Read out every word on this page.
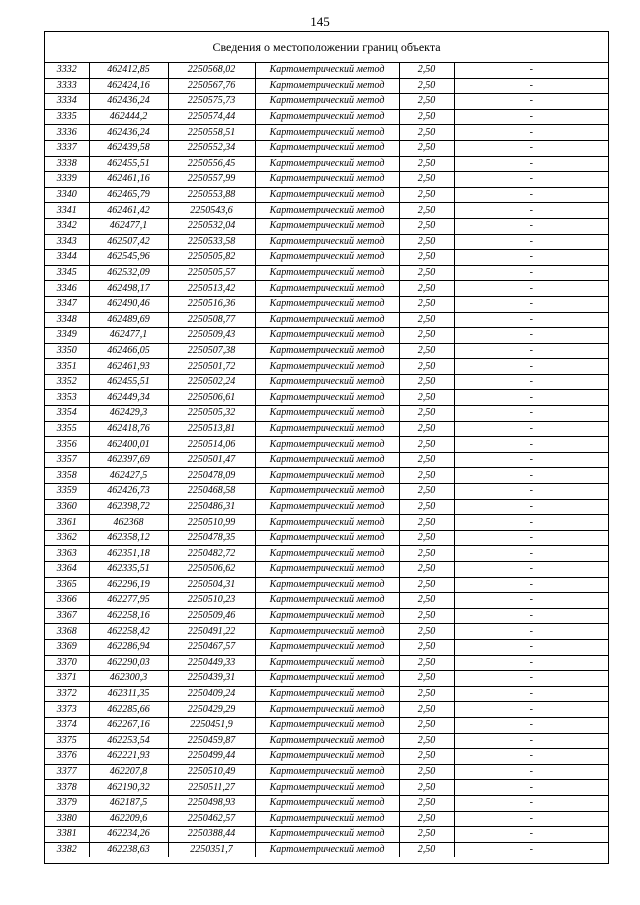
145
Сведения о местоположении границ объекта
3332	462412,85	2250568,02	Картометрический метод	2,50	-
3333	462424,16	2250567,76	Картометрический метод	2,50	-
3334	462436,24	2250575,73	Картометрический метод	2,50	-
3335	462444,2	2250574,44	Картометрический метод	2,50	-
3336	462436,24	2250558,51	Картометрический метод	2,50	-
3337	462439,58	2250552,34	Картометрический метод	2,50	-
3338	462455,51	2250556,45	Картометрический метод	2,50	-
3339	462461,16	2250557,99	Картометрический метод	2,50	-
3340	462465,79	2250553,88	Картометрический метод	2,50	-
3341	462461,42	2250543,6	Картометрический метод	2,50	-
3342	462477,1	2250532,04	Картометрический метод	2,50	-
3343	462507,42	2250533,58	Картометрический метод	2,50	-
3344	462545,96	2250505,82	Картометрический метод	2,50	-
3345	462532,09	2250505,57	Картометрический метод	2,50	-
3346	462498,17	2250513,42	Картометрический метод	2,50	-
3347	462490,46	2250516,36	Картометрический метод	2,50	-
3348	462489,69	2250508,77	Картометрический метод	2,50	-
3349	462477,1	2250509,43	Картометрический метод	2,50	-
3350	462466,05	2250507,38	Картометрический метод	2,50	-
3351	462461,93	2250501,72	Картометрический метод	2,50	-
3352	462455,51	2250502,24	Картометрический метод	2,50	-
3353	462449,34	2250506,61	Картометрический метод	2,50	-
3354	462429,3	2250505,32	Картометрический метод	2,50	-
3355	462418,76	2250513,81	Картометрический метод	2,50	-
3356	462400,01	2250514,06	Картометрический метод	2,50	-
3357	462397,69	2250501,47	Картометрический метод	2,50	-
3358	462427,5	2250478,09	Картометрический метод	2,50	-
3359	462426,73	2250468,58	Картометрический метод	2,50	-
3360	462398,72	2250486,31	Картометрический метод	2,50	-
3361	462368	2250510,99	Картометрический метод	2,50	-
3362	462358,12	2250478,35	Картометрический метод	2,50	-
3363	462351,18	2250482,72	Картометрический метод	2,50	-
3364	462335,51	2250506,62	Картометрический метод	2,50	-
3365	462296,19	2250504,31	Картометрический метод	2,50	-
3366	462277,95	2250510,23	Картометрический метод	2,50	-
3367	462258,16	2250509,46	Картометрический метод	2,50	-
3368	462258,42	2250491,22	Картометрический метод	2,50	-
3369	462286,94	2250467,57	Картометрический метод	2,50	-
3370	462290,03	2250449,33	Картометрический метод	2,50	-
3371	462300,3	2250439,31	Картометрический метод	2,50	-
3372	462311,35	2250409,24	Картометрический метод	2,50	-
3373	462285,66	2250429,29	Картометрический метод	2,50	-
3374	462267,16	2250451,9	Картометрический метод	2,50	-
3375	462253,54	2250459,87	Картометрический метод	2,50	-
3376	462221,93	2250499,44	Картометрический метод	2,50	-
3377	462207,8	2250510,49	Картометрический метод	2,50	-
3378	462190,32	2250511,27	Картометрический метод	2,50	-
3379	462187,5	2250498,93	Картометрический метод	2,50	-
3380	462209,6	2250462,57	Картометрический метод	2,50	-
3381	462234,26	2250388,44	Картометрический метод	2,50	-
3382	462238,63	2250351,7	Картометрический метод	2,50	-
